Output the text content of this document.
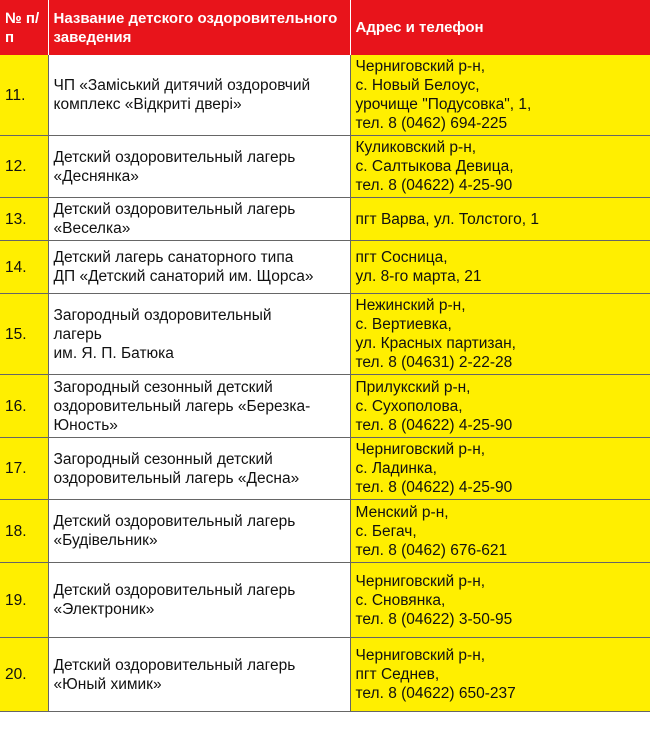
№ п/п	Название детского оздоровительного заведения	Адрес и телефон
11.	ЧП «Заміський дитячий оздоровчий
комплекс «Відкриті двері»	Черниговский р-н,
с. Новый Белоус,
урочище "Подусовка", 1,
тел. 8 (0462) 694-225

12.	Детский оздоровительный лагерь
«Деснянка»	Куликовский р-н,
с. Салтыкова Девица,
тел. 8 (04622) 4-25-90

13.	Детский оздоровительный лагерь
«Веселка»	пгт Варва, ул. Толстого, 1

14.	Детский лагерь санаторного типа
ДП «Детский санаторий им. Щорса»	пгт Сосница,
ул. 8-го марта, 21

15.	Загородный оздоровительный
лагерь
им. Я. П. Батюка	Нежинский р-н,
с. Вертиевка,
ул. Красных партизан,
тел. 8 (04631) 2-22-28

16.	Загородный сезонный детский
оздоровительный лагерь «Березка-
Юность»	Прилукский р-н,
с. Сухополова,
тел. 8 (04622) 4-25-90

17.	Загородный сезонный детский
оздоровительный лагерь «Десна»	Черниговский р-н,
с. Ладинка,
тел. 8 (04622) 4-25-90

18.	Детский оздоровительный лагерь
«Будівельник»	Менский р-н,
с. Бегач,
тел. 8 (0462) 676-621

19.	Детский оздоровительный лагерь
«Электроник»	Черниговский р-н,
с. Сновянка,
тел. 8 (04622) 3-50-95

20.	Детский оздоровительный лагерь
«Юный химик»	Черниговский р-н,
пгт Седнев,
тел. 8 (04622) 650-237
